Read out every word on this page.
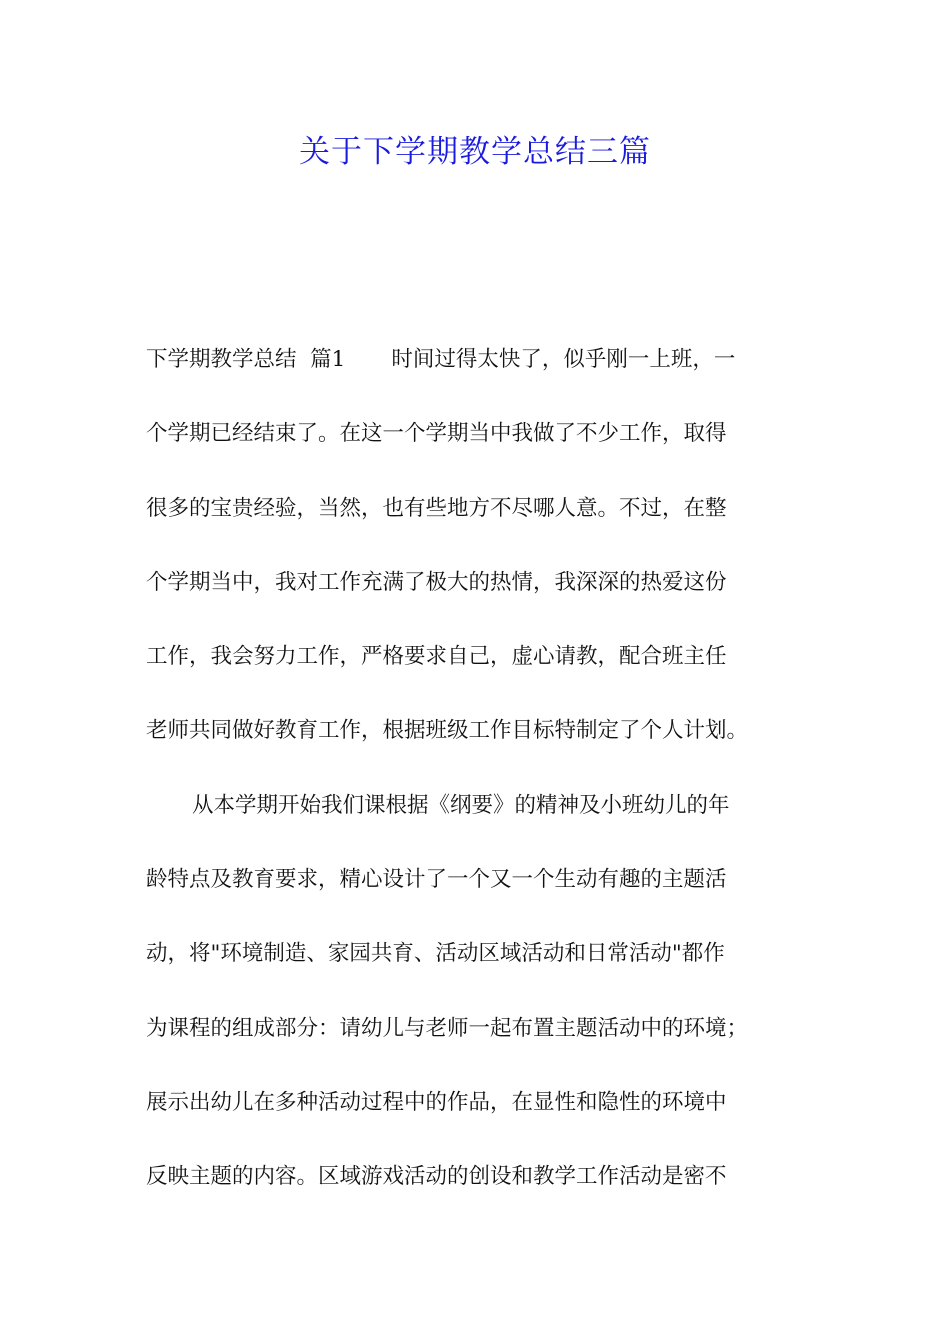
关于下学期教学总结三篇
下学期教学总结  篇1 时间过得太快了，似乎刚一上班，一
个学期已经结束了。在这一个学期当中我做了不少工作，取得
很多的宝贵经验，当然，也有些地方不尽哪人意。不过，在整
个学期当中，我对工作充满了极大的热情，我深深的热爱这份
工作，我会努力工作，严格要求自己，虚心请教，配合班主任
老师共同做好教育工作，根据班级工作目标特制定了个人计划。
从本学期开始我们课根据《纲要》的精神及小班幼儿的年
龄特点及教育要求，精心设计了一个又一个生动有趣的主题活
动，将"环境制造、家园共育、活动区域活动和日常活动"都作
为课程的组成部分：请幼儿与老师一起布置主题活动中的环境；
展示出幼儿在多种活动过程中的作品，在显性和隐性的环境中
反映主题的内容。区域游戏活动的创设和教学工作活动是密不
